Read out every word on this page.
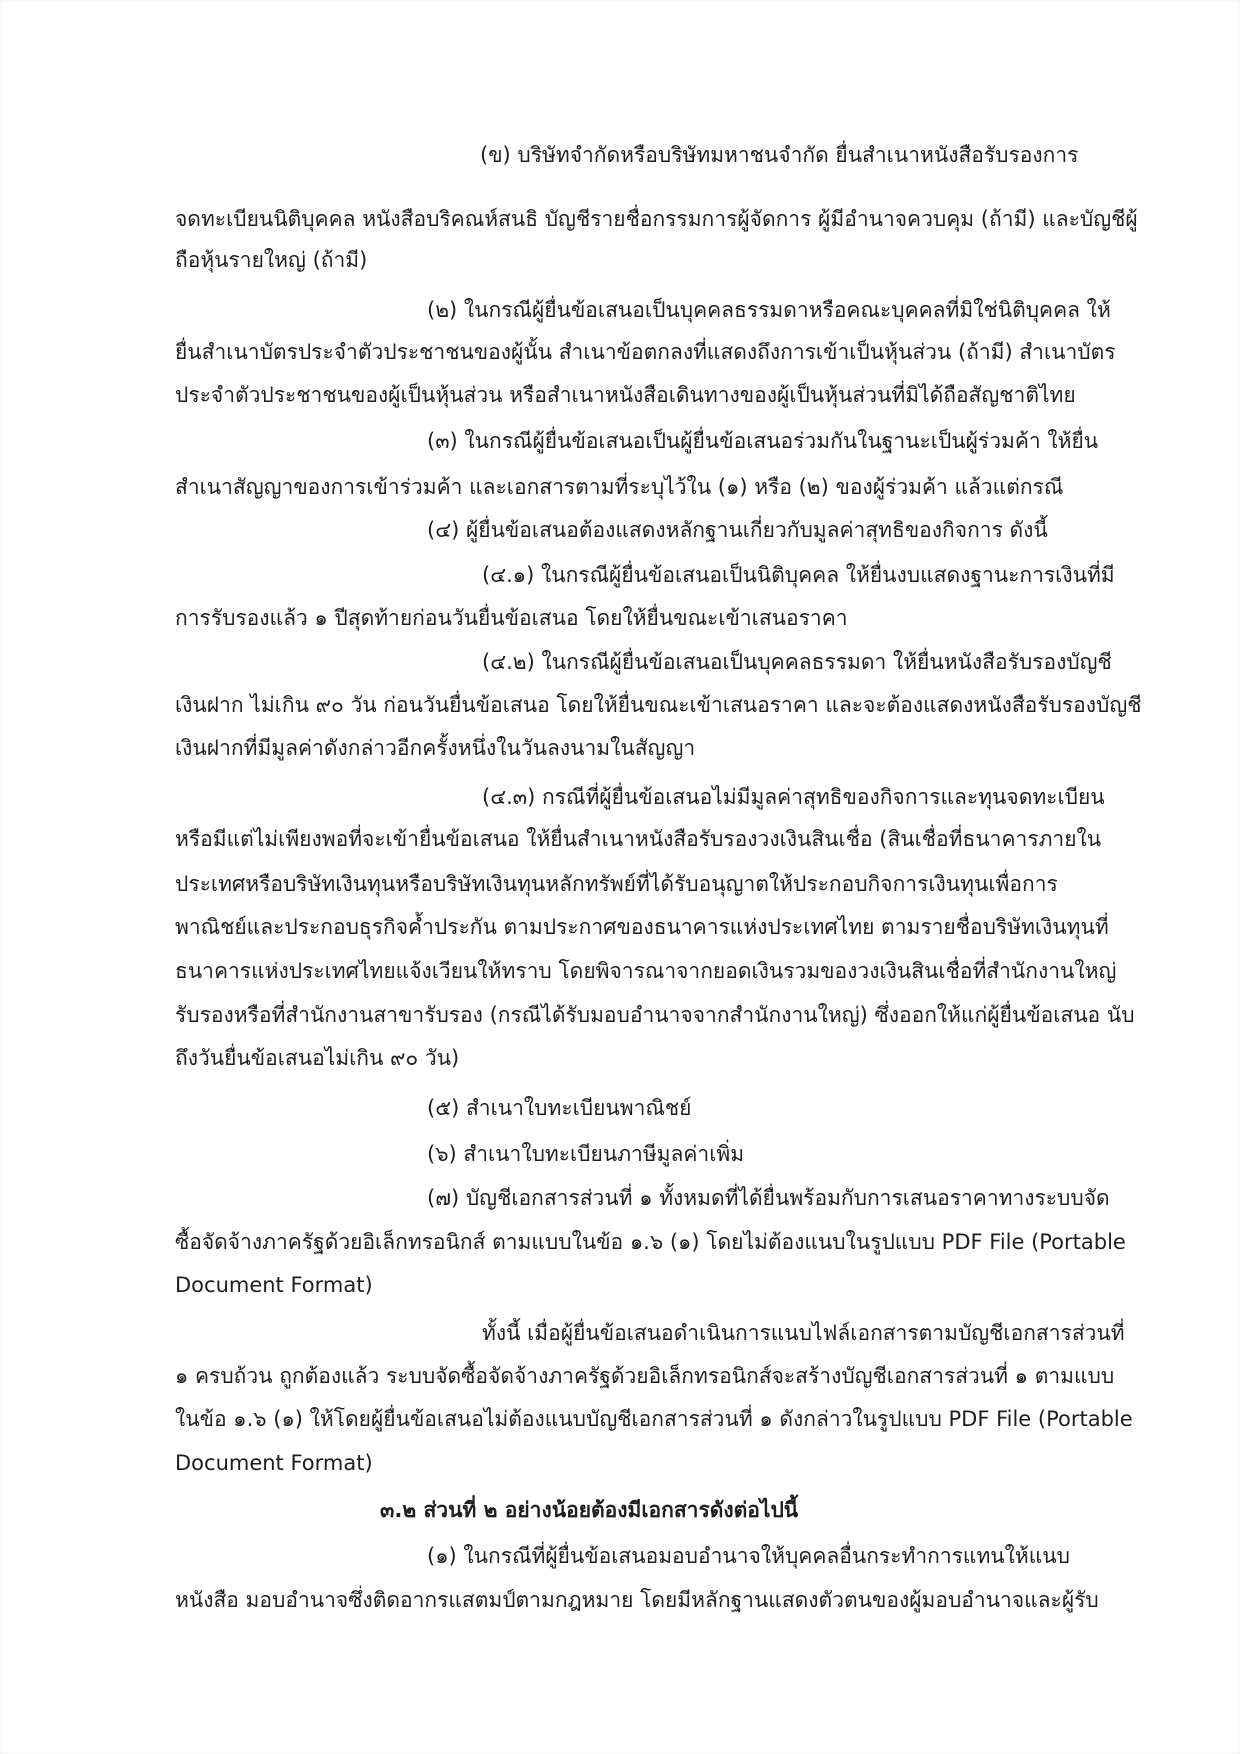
(ข) บริษัทจำกัดหรือบริษัทมหาชนจำกัด ยื่นสำเนาหนังสือรับรองการ
จดทะเบียนนิติบุคคล หนังสือบริคณห์สนธิ บัญชีรายชื่อกรรมการผู้จัดการ ผู้มีอำนาจควบคุม (ถ้ามี) และบัญชีผู้
ถือหุ้นรายใหญ่ (ถ้ามี)
(๒) ในกรณีผู้ยื่นข้อเสนอเป็นบุคคลธรรมดาหรือคณะบุคคลที่มิใช่นิติบุคคล ให้
ยื่นสำเนาบัตรประจำตัวประชาชนของผู้นั้น สำเนาข้อตกลงที่แสดงถึงการเข้าเป็นหุ้นส่วน (ถ้ามี) สำเนาบัตร
ประจำตัวประชาชนของผู้เป็นหุ้นส่วน หรือสำเนาหนังสือเดินทางของผู้เป็นหุ้นส่วนที่มิได้ถือสัญชาติไทย
(๓) ในกรณีผู้ยื่นข้อเสนอเป็นผู้ยื่นข้อเสนอร่วมกันในฐานะเป็นผู้ร่วมค้า ให้ยื่น
สำเนาสัญญาของการเข้าร่วมค้า และเอกสารตามที่ระบุไว้ใน (๑) หรือ (๒) ของผู้ร่วมค้า แล้วแต่กรณี
(๔) ผู้ยื่นข้อเสนอต้องแสดงหลักฐานเกี่ยวกับมูลค่าสุทธิของกิจการ ดังนี้
(๔.๑) ในกรณีผู้ยื่นข้อเสนอเป็นนิติบุคคล ให้ยื่นงบแสดงฐานะการเงินที่มี
การรับรองแล้ว ๑ ปีสุดท้ายก่อนวันยื่นข้อเสนอ โดยให้ยื่นขณะเข้าเสนอราคา
(๔.๒) ในกรณีผู้ยื่นข้อเสนอเป็นบุคคลธรรมดา ให้ยื่นหนังสือรับรองบัญชี
เงินฝาก ไม่เกิน ๙๐ วัน ก่อนวันยื่นข้อเสนอ โดยให้ยื่นขณะเข้าเสนอราคา และจะต้องแสดงหนังสือรับรองบัญชี
เงินฝากที่มีมูลค่าดังกล่าวอีกครั้งหนึ่งในวันลงนามในสัญญา
(๔.๓) กรณีที่ผู้ยื่นข้อเสนอไม่มีมูลค่าสุทธิของกิจการและทุนจดทะเบียน
หรือมีแต่ไม่เพียงพอที่จะเข้ายื่นข้อเสนอ ให้ยื่นสำเนาหนังสือรับรองวงเงินสินเชื่อ (สินเชื่อที่ธนาคารภายใน
ประเทศหรือบริษัทเงินทุนหรือบริษัทเงินทุนหลักทรัพย์ที่ได้รับอนุญาตให้ประกอบกิจการเงินทุนเพื่อการ
พาณิชย์และประกอบธุรกิจค้ำประกัน ตามประกาศของธนาคารแห่งประเทศไทย ตามรายชื่อบริษัทเงินทุนที่
ธนาคารแห่งประเทศไทยแจ้งเวียนให้ทราบ โดยพิจารณาจากยอดเงินรวมของวงเงินสินเชื่อที่สำนักงานใหญ่
รับรองหรือที่สำนักงานสาขารับรอง (กรณีได้รับมอบอำนาจจากสำนักงานใหญ่) ซึ่งออกให้แก่ผู้ยื่นข้อเสนอ นับ
ถึงวันยื่นข้อเสนอไม่เกิน ๙๐ วัน)
(๕) สำเนาใบทะเบียนพาณิชย์
(๖) สำเนาใบทะเบียนภาษีมูลค่าเพิ่ม
(๗) บัญชีเอกสารส่วนที่ ๑ ทั้งหมดที่ได้ยื่นพร้อมกับการเสนอราคาทางระบบจัด
ซื้อจัดจ้างภาครัฐด้วยอิเล็กทรอนิกส์ ตามแบบในข้อ ๑.๖ (๑) โดยไม่ต้องแนบในรูปแบบ PDF File (Portable
Document Format)
ทั้งนี้ เมื่อผู้ยื่นข้อเสนอดำเนินการแนบไฟล์เอกสารตามบัญชีเอกสารส่วนที่
๑ ครบถ้วน ถูกต้องแล้ว ระบบจัดซื้อจัดจ้างภาครัฐด้วยอิเล็กทรอนิกส์จะสร้างบัญชีเอกสารส่วนที่ ๑ ตามแบบ
ในข้อ ๑.๖ (๑) ให้โดยผู้ยื่นข้อเสนอไม่ต้องแนบบัญชีเอกสารส่วนที่ ๑ ดังกล่าวในรูปแบบ PDF File (Portable
Document Format)
๓.๒ ส่วนที่ ๒ อย่างน้อยต้องมีเอกสารดังต่อไปนี้
(๑) ในกรณีที่ผู้ยื่นข้อเสนอมอบอำนาจให้บุคคลอื่นกระทำการแทนให้แนบ
หนังสือ มอบอำนาจซึ่งติดอากรแสตมป์ตามกฎหมาย โดยมีหลักฐานแสดงตัวตนของผู้มอบอำนาจและผู้รับ
